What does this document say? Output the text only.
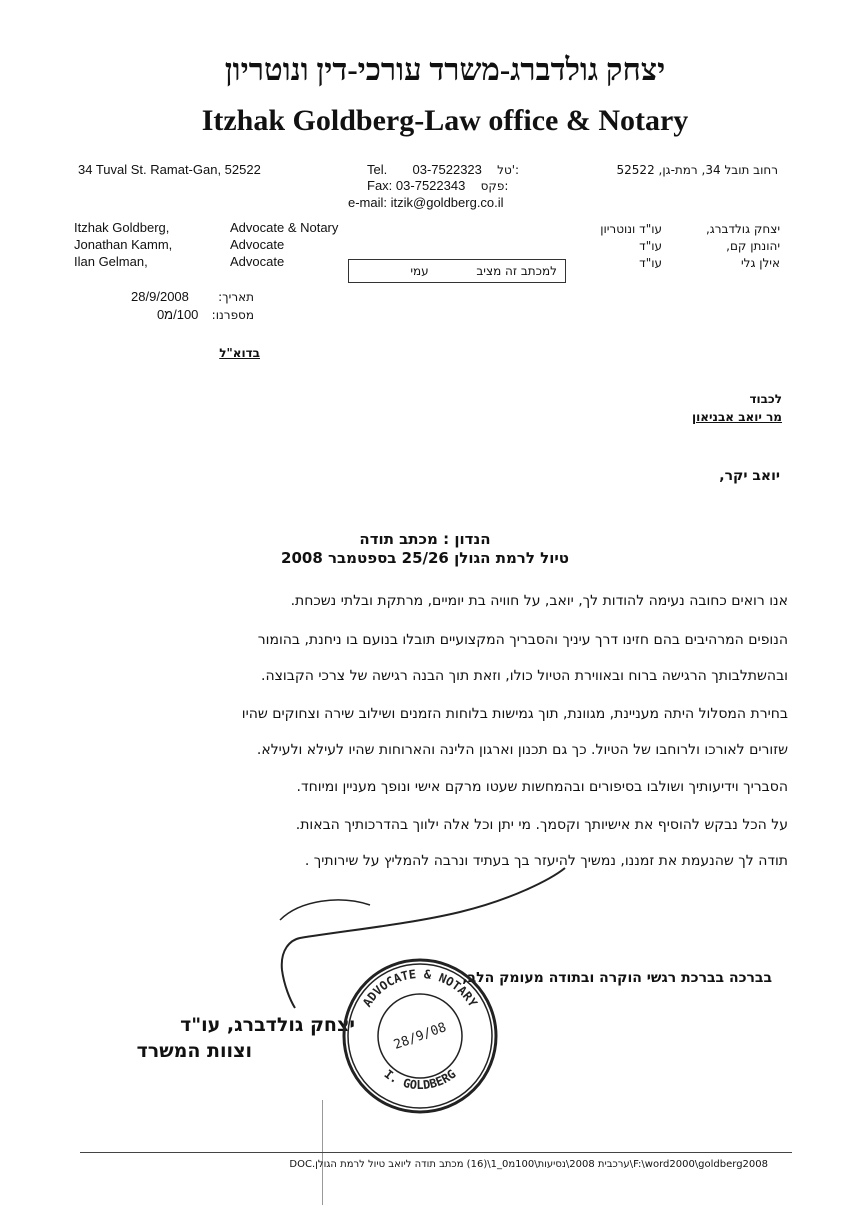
יצחק גולדברג-משרד עורכי-דין ונוטריון
Itzhak Goldberg-Law office & Notary
34 Tuval St. Ramat-Gan, 52522	רחוב תובל 34, רמת-גן, 52522
Tel. 03-7522323 טל':
Fax: 03-7522343 פקס:
e-mail: itzik@goldberg.co.il
Itzhak Goldberg,
Jonathan Kamm,
Ilan Gelman,
Advocate & Notary
Advocate
Advocate
יצחק גולדברג,
יהונתן קם,
אילן גלי
עו"ד ונוטריון
עו"ד
עו"ד
למכתב זה מציב  עמי
תאריך:  28/9/2008
מספרנו:  100/מ0
בדוא"ל
לכבוד
מר יואב אבניאון
יואב יקר,
הנדון : מכתב תודה
טיול לרמת הגולן 25/26 בספטמבר 2008
אנו רואים כחובה נעימה להודות לך, יואב, על חוויה בת יומיים, מרתקת ובלתי נשכחת.
הנופים המרהיבים בהם חזינו דרך עיניך והסבריך המקצועיים תובלו בנועם בו ניחנת, בהומור
ובהשתלבותך הרגישה ברוח ובאווירת הטיול כולו, וזאת תוך הבנה רגישה של צרכי הקבוצה.
בחירת המסלול היתה מעניינת, מגוונת, תוך גמישות בלוחות הזמנים ושילוב שירה וצחוקים שהיו
שזורים לאורכו ולרוחבו של הטיול. כך גם תכנון וארגון הלינה והארוחות שהיו לעילא ולעילא.
הסבריך וידיעותיך ושולבו בסיפורים ובהמחשות שעטו מרקם אישי ונופך מעניין ומיוחד.
על הכל נבקש להוסיף את אישיותך וקסמך. מי יתן וכל אלה ילווך בהדרכותיך הבאות.
תודה לך שהנעמת את זמננו, נמשיך להיעזר בך בעתיד ונרבה להמליץ על שירותיך .
בברכה בברכת רגשי הוקרה ובתודה מעומק הלב,
יצחק גולדברג, עו"ד
וצוות המשרד
ADVOCATE & NOTARY
I. GOLDBERG
28/9/08
F:\word2000\goldberg2008\ערכבית 2008\נסיעות\100מ0_1\(16) מכתב תודה ליואב טיול לרמת הגולן.DOC
